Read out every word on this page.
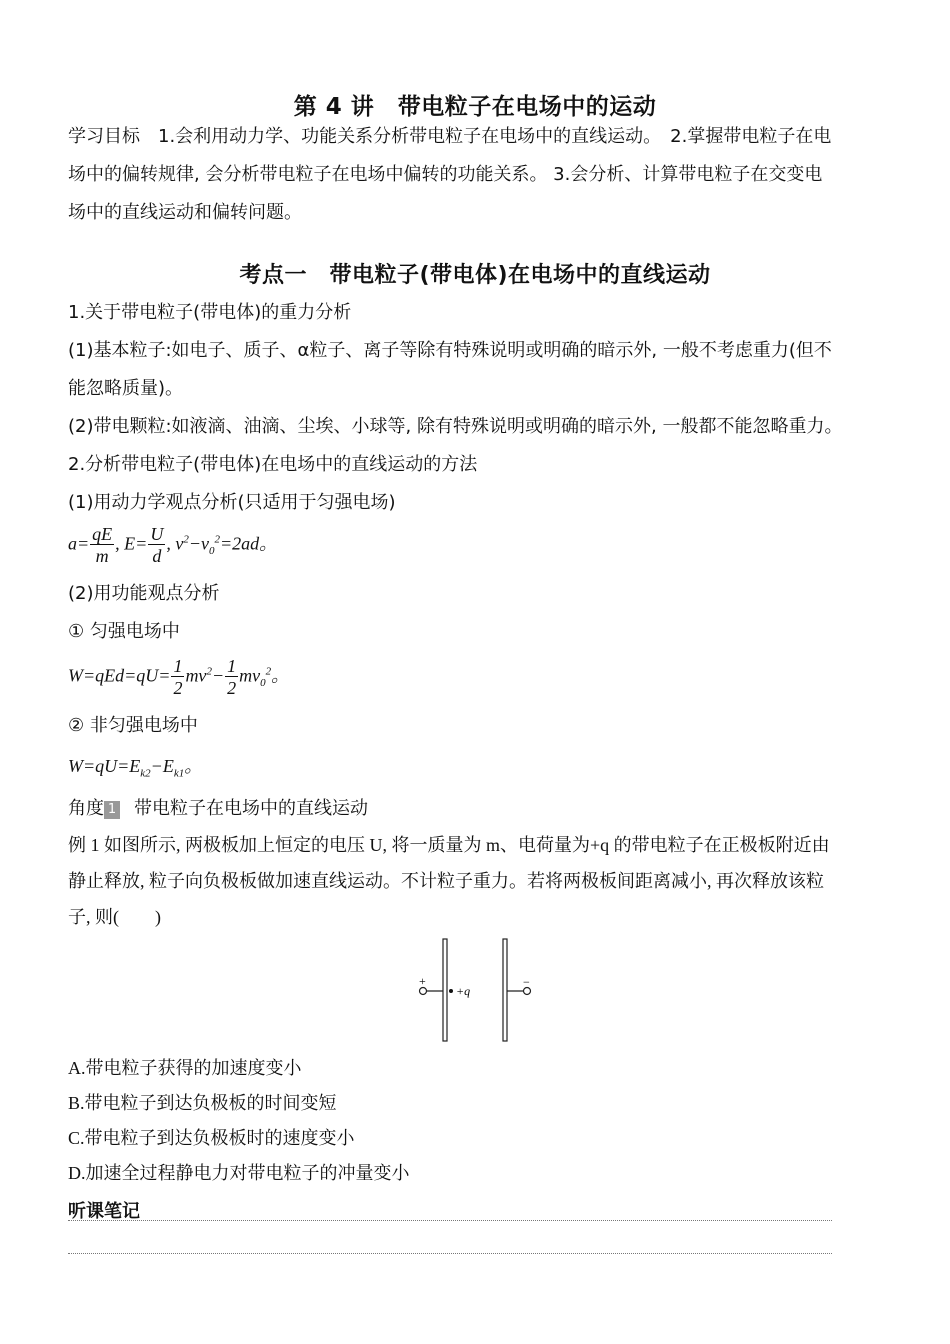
第 4 讲　带电粒子在电场中的运动
学习目标　 1.会利用动力学、功能关系分析带电粒子在电场中的直线运动。　2.掌握带电粒子在电
场中的偏转规律, 会分析带电粒子在电场中偏转的功能关系。 3.会分析、计算带电粒子在交变电
场中的直线运动和偏转问题。
考点一　带电粒子(带电体)在电场中的直线运动
1.关于带电粒子(带电体)的重力分析
(1)基本粒子:如电子、质子、α粒子、离子等除有特殊说明或明确的暗示外, 一般不考虑重力(但不
能忽略质量)。
(2)带电颗粒:如液滴、油滴、尘埃、小球等, 除有特殊说明或明确的暗示外, 一般都不能忽略重力。
2.分析带电粒子(带电体)在电场中的直线运动的方法
(1)用动力学观点分析(只适用于匀强电场)
$a= \frac{qE}{m}$ , $E= \frac{U}{d}$ , $v^2-v_0^2=2ad$。
(2)用功能观点分析
① 匀强电场中
$W=qEd=qU= \frac{1}{2} mv^2- \frac{1}{2} mv_0^2$。
② 非匀强电场中
$W=qU=E_{k2}-E_{k1}$。
角度 1 带电粒子在电场中的直线运动
例 1 如图所示, 两极板加上恒定的电压 U, 将一质量为 m、电荷量为+q 的带电粒子在正极板附近由
静止释放, 粒子向负极板做加速直线运动。不计粒子重力。若将两极板间距离减小, 再次释放该粒
子, 则(　　)
+	−
+q
A.带电粒子获得的加速度变小
B.带电粒子到达负极板的时间变短
C.带电粒子到达负极板时的速度变小
D.加速全过程静电力对带电粒子的冲量变小
听课笔记
